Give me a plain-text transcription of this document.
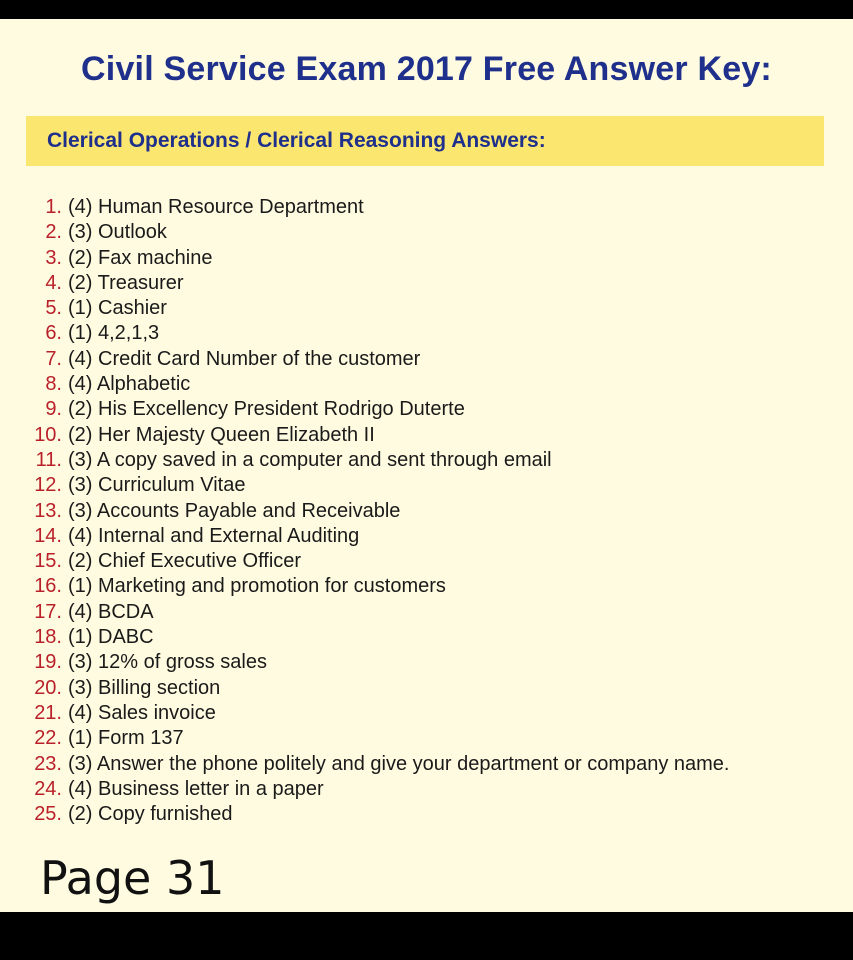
Civil Service Exam 2017 Free Answer Key:
Clerical Operations / Clerical Reasoning Answers:
1. (4) Human Resource Department
2. (3) Outlook
3. (2) Fax machine
4. (2) Treasurer
5. (1) Cashier
6. (1) 4,2,1,3
7. (4) Credit Card Number of the customer
8. (4) Alphabetic
9. (2) His Excellency President Rodrigo Duterte
10. (2) Her Majesty Queen Elizabeth II
11. (3) A copy saved in a computer and sent through email
12. (3) Curriculum Vitae
13. (3) Accounts Payable and Receivable
14. (4) Internal and External Auditing
15. (2) Chief Executive Officer
16. (1) Marketing and promotion for customers
17. (4) BCDA
18. (1) DABC
19. (3) 12% of gross sales
20. (3) Billing section
21. (4) Sales invoice
22. (1) Form 137
23. (3) Answer the phone politely and give your department or company name.
24. (4) Business letter in a paper
25. (2) Copy furnished
Page 31
